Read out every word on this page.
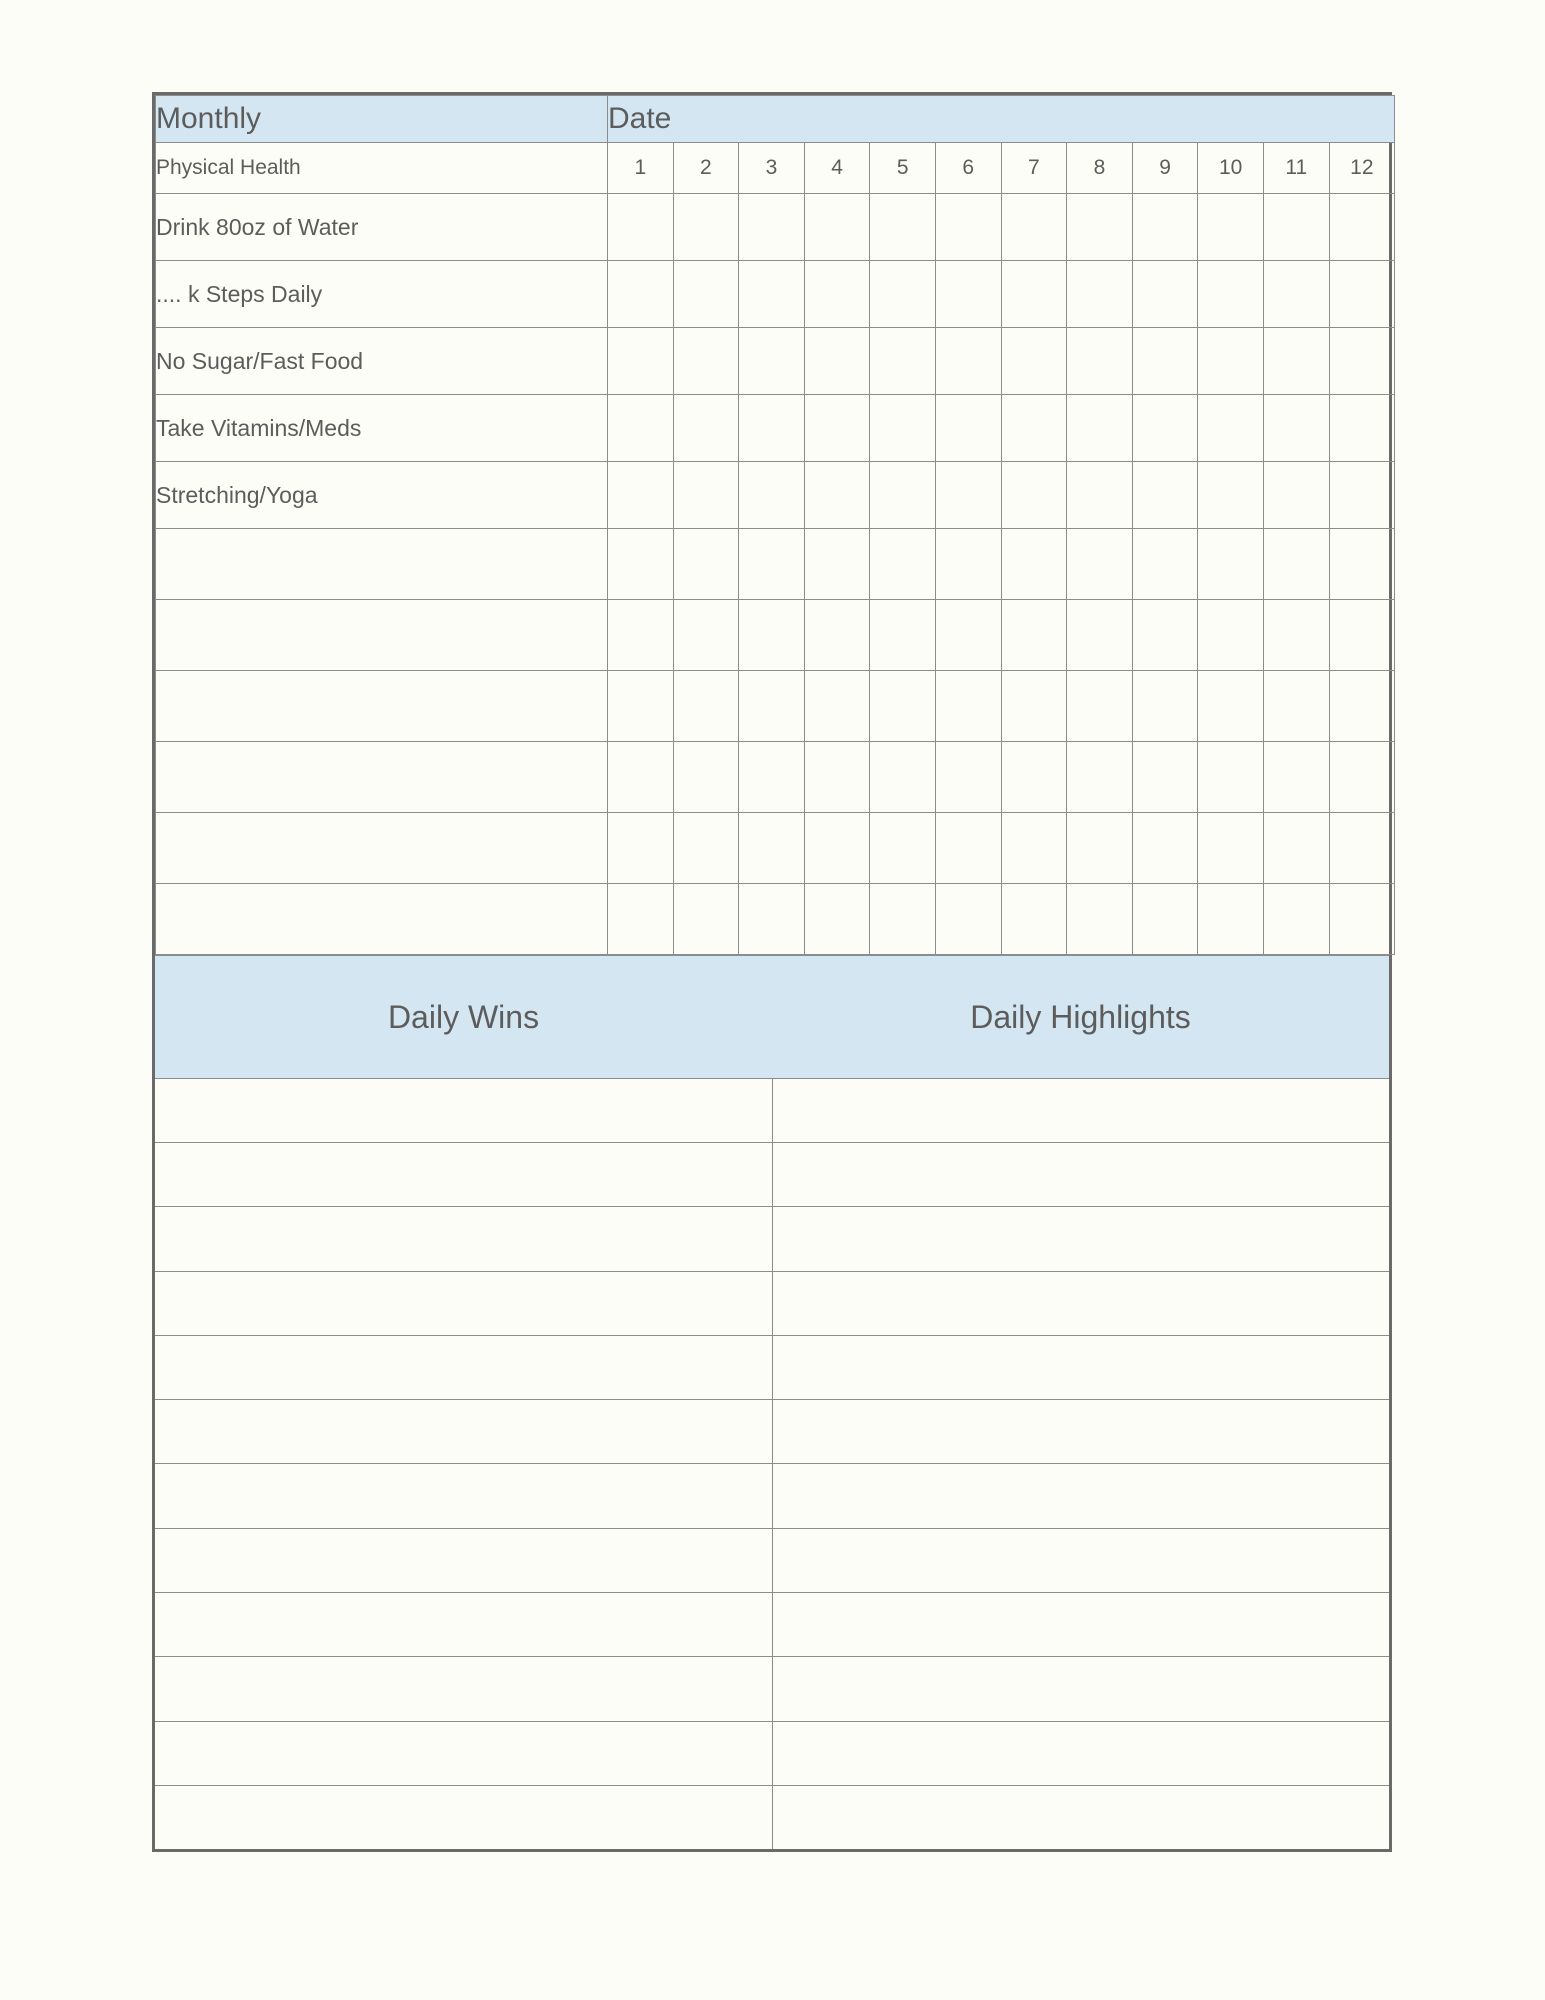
Monthly	Date											
Physical Health	1	2	3	4	5	6	7	8	9	10	11	12
Drink 80oz of Water												
.... k Steps Daily												
No Sugar/Fast Food												
Take Vitamins/Meds												
Stretching/Yoga												

Daily Wins	Daily Highlights
